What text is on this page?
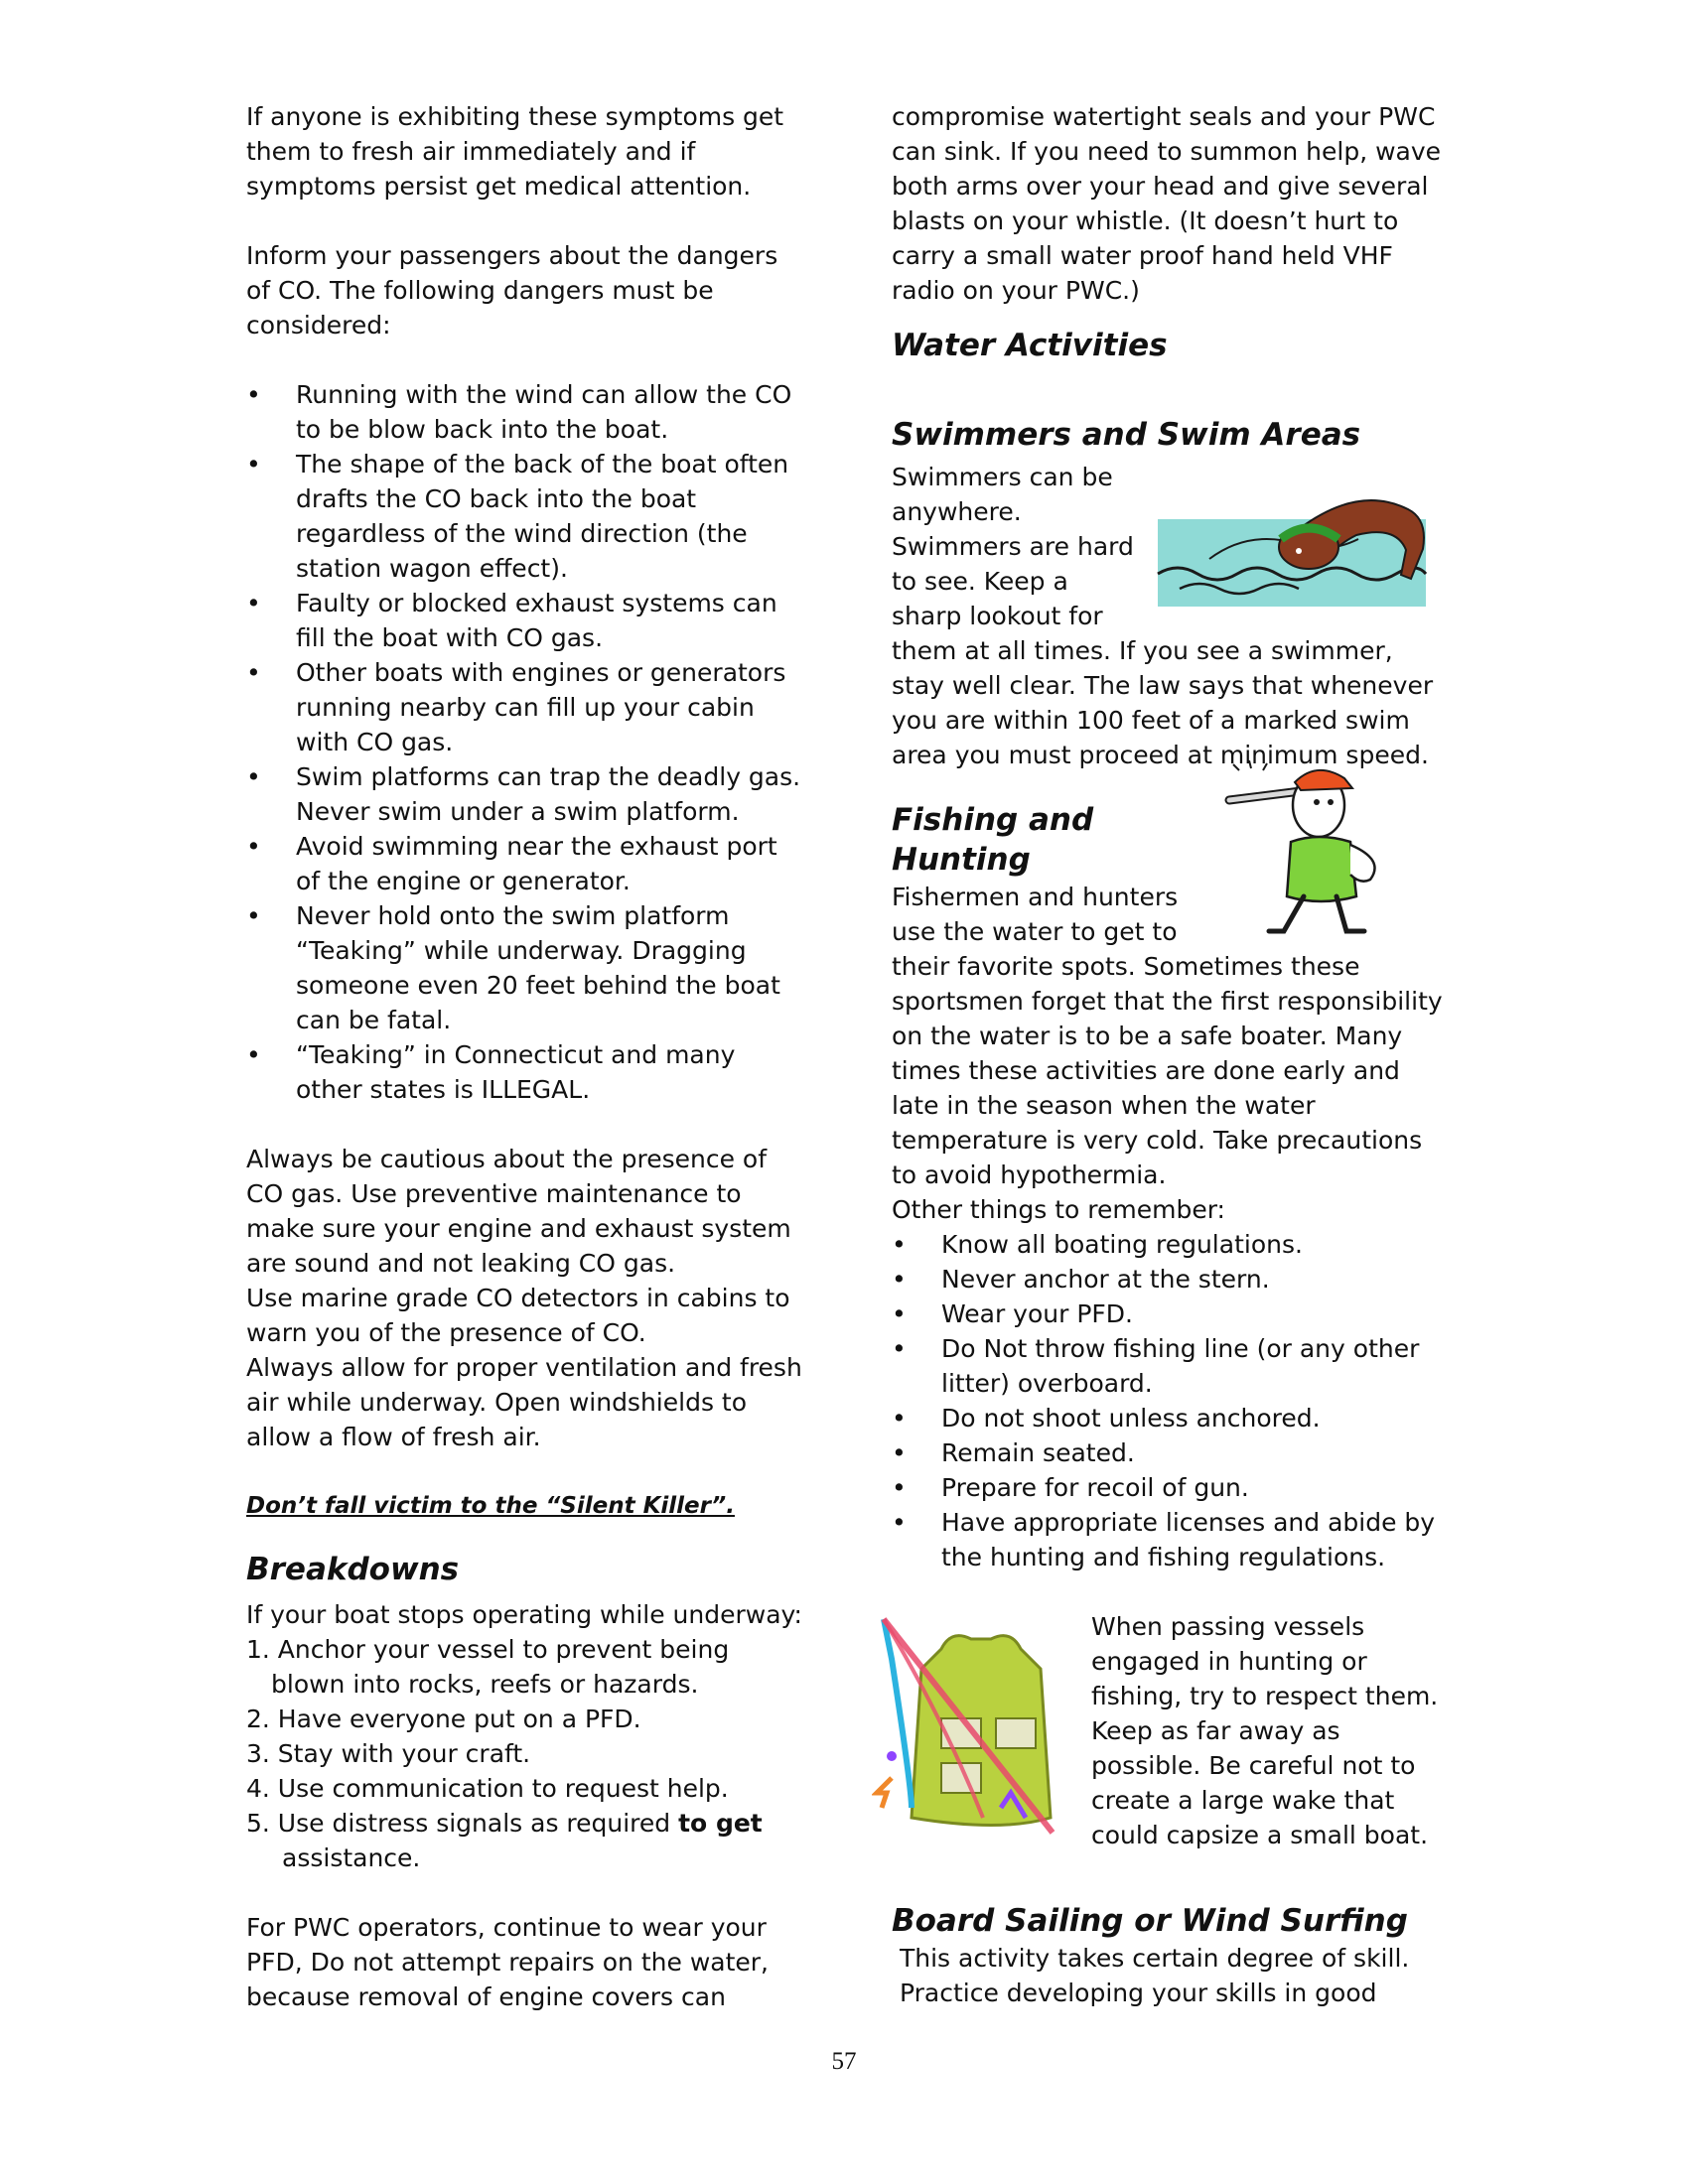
If anyone is exhibiting these symptoms get them to fresh air immediately and if symptoms persist get medical attention.

Inform your passengers about the dangers of CO. The following dangers must be considered:

• Running with the wind can allow the CO to be blow back into the boat.
• The shape of the back of the boat often drafts the CO back into the boat regardless of the wind direction (the station wagon effect).
• Faulty or blocked exhaust systems can fill the boat with CO gas.
• Other boats with engines or generators running nearby can fill up your cabin with CO gas.
• Swim platforms can trap the deadly gas. Never swim under a swim platform.
• Avoid swimming near the exhaust port of the engine or generator.
• Never hold onto the swim platform “Teaking” while underway. Dragging someone even 20 feet behind the boat can be fatal.
• “Teaking” in Connecticut and many other states is ILLEGAL.

Always be cautious about the presence of CO gas. Use preventive maintenance to make sure your engine and exhaust system are sound and not leaking CO gas.

Use marine grade CO detectors in cabins to warn you of the presence of CO.

Always allow for proper ventilation and fresh air while underway. Open windshields to allow a flow of fresh air.

Don’t fall victim to the “Silent Killer”.

Breakdowns

If your boat stops operating while underway:

1. Anchor your vessel to prevent being blown into rocks, reefs or hazards.
2. Have everyone put on a PFD.
3. Stay with your craft.
4. Use communication to request help.

5. Use distress signals as required to get

assistance.

For PWC operators, continue to wear your PFD, Do not attempt repairs on the water, because removal of engine covers can

compromise watertight seals and your PWC can sink. If you need to summon help, wave both arms over your head and give several blasts on your whistle. (It doesn’t hurt to carry a small water proof hand held VHF radio on your PWC.)

Water Activities
Swimmers and Swim Areas

Swimmers can be anywhere. Swimmers are hard to see. Keep a sharp lookout for them at all times. If you see a swimmer, stay well clear. The law says that whenever you are within 100 feet of a marked swim area you must proceed at minimum speed.

Fishing and Hunting

Fishermen and hunters use the water to get to their favorite spots. Sometimes these sportsmen forget that the first responsibility on the water is to be a safe boater. Many times these activities are done early and late in the season when the water temperature is very cold. Take precautions to avoid hypothermia.

Other things to remember:

• Know all boating regulations.
• Never anchor at the stern.
• Wear your PFD.
• Do Not throw fishing line (or any other litter) overboard.
• Do not shoot unless anchored.
• Remain seated.
• Prepare for recoil of gun.
• Have appropriate licenses and abide by the hunting and fishing regulations.

When passing vessels engaged in hunting or fishing, try to respect them. Keep as far away as possible. Be careful not to create a large wake that could capsize a small boat.

Board Sailing or Wind Surfing

This activity takes certain degree of skill. Practice developing your skills in good

57
